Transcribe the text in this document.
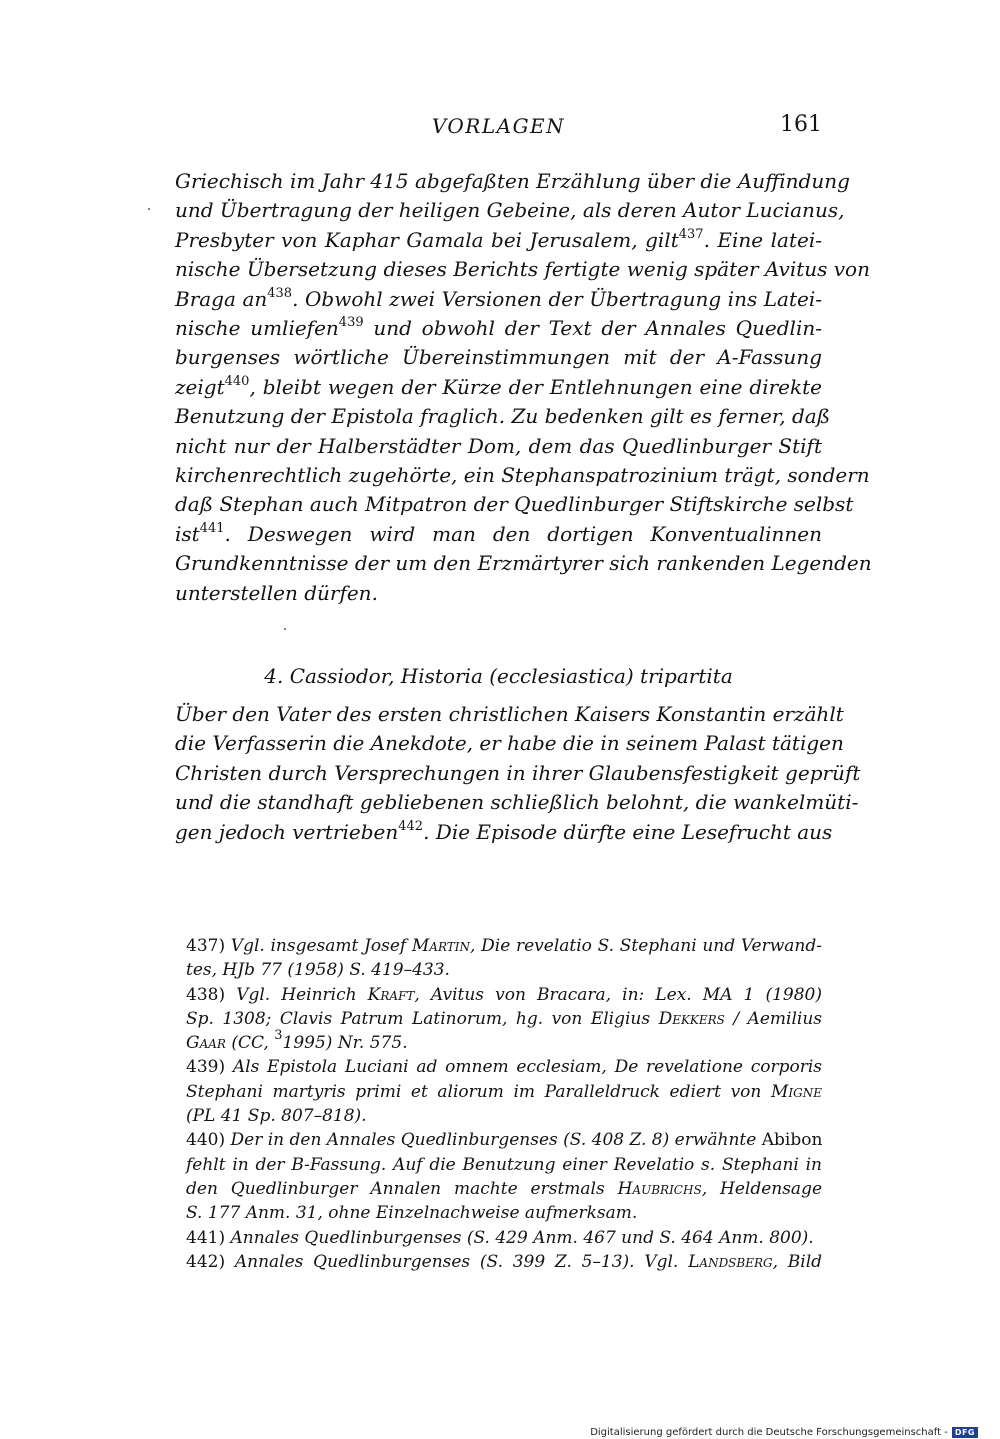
VORLAGEN	161
Griechisch im Jahr 415 abgefaßten Erzählung über die Auffindung
und Übertragung der heiligen Gebeine, als deren Autor Lucianus,
Presbyter von Kaphar Gamala bei Jerusalem, gilt$^{437}$. Eine latei-
nische Übersetzung dieses Berichts fertigte wenig später Avitus von
Braga $an^{438}$. Obwohl zwei Versionen der Übertragung ins Latei-
nische umliefen$^{439}$ und obwohl der Text der Annales Quedlin-
burgenses wörtliche Übereinstimmungen mit der A-Fassung
zeigt$^{440}$, bleibt wegen der Kürze der Entlehnungen eine direkte
Benutzung der Epistola fraglich. Zu bedenken gilt es ferner, daß
nicht nur der Halberstädter Dom, dem das Quedlinburger Stift
kirchenrechtlich zugehörte, ein Stephanspatrozinium trägt, sondern
daß Stephan auch Mitpatron der Quedlinburger Stiftskirche selbst
ist$^{441}$. Deswegen wird man den dortigen Konventualinnen
Grundkenntnisse der um den Erzmärtyrer sich rankenden Legenden
unterstellen dürfen.
4. Cassiodor, Historia (ecclesiastica) tripartita
Über den Vater des ersten christlichen Kaisers Konstantin erzählt
die Verfasserin die Anekdote, er habe die in seinem Palast tätigen
Christen durch Versprechungen in ihrer Glaubensfestigkeit geprüft
und die standhaft gebliebenen schließlich belohnt, die wankelmüti-
gen jedoch vertrieben$^{442}$. Die Episode dürfte eine Lesefrucht aus
437) Vgl. insgesamt Josef Martin, Die revelatio S. Stephani und Verwand-
tes, HJb 77 (1958) S. 419–433.
438) Vgl. Heinrich Kraft, Avitus von Bracara, in: Lex. MA 1 (1980)
Sp. 1308; Clavis Patrum Latinorum, hg. von Eligius Dekkers / Aemilius
Gaar (CC, $^3$1995) Nr. 575.
439) Als Epistola Luciani ad omnem ecclesiam, De revelatione corporis
Stephani martyris primi et aliorum im Paralleldruck ediert von Migne
(PL 41 Sp. 807–818).
440) Der in den Annales Quedlinburgenses (S. 408 Z. 8) erwähnte Abibon
fehlt in der B-Fassung. Auf die Benutzung einer Revelatio s. Stephani in
den Quedlinburger Annalen machte erstmals Haubrichs, Heldensage
S. 177 Anm. 31, ohne Einzelnachweise aufmerksam.
441) Annales Quedlinburgenses (S. 429 Anm. 467 und S. 464 Anm. 800).
442) Annales Quedlinburgenses (S. 399 Z. 5–13). Vgl. Landsberg, Bild
Digitalisierung gefördert durch die Deutsche Forschungsgemeinschaft - DFG
